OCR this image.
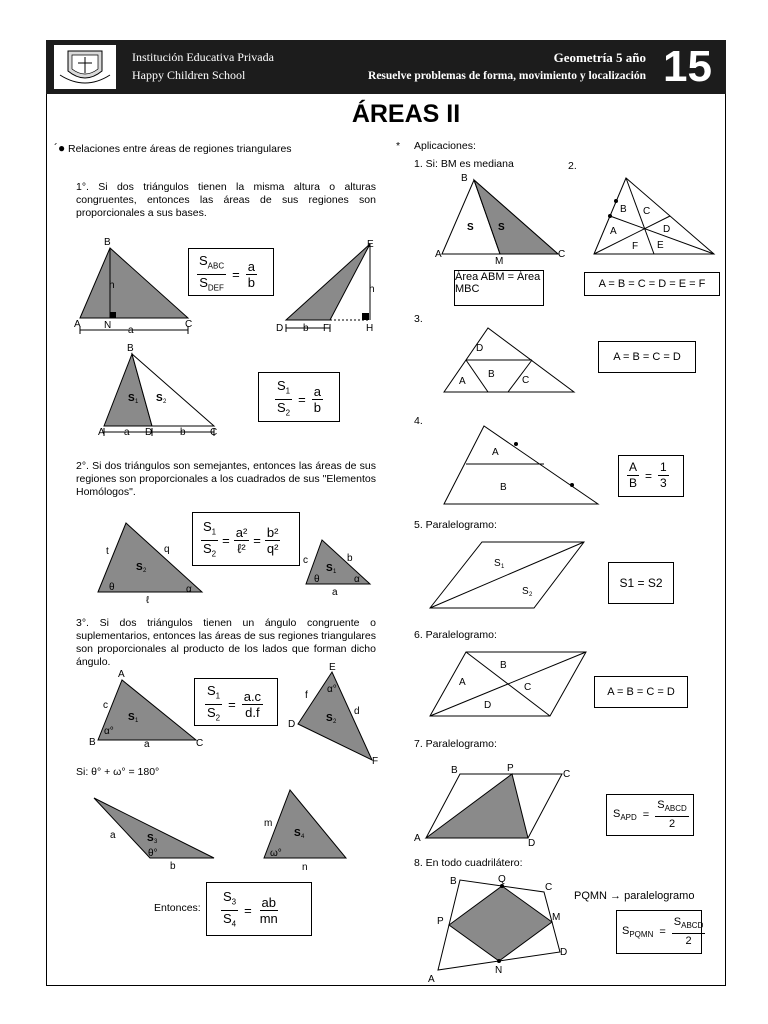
Institución Educativa Privada
Happy Children School
Geometría 5 año
Resuelve problemas de forma, movimiento y localización 15
ÁREAS II
´● Relaciones entre áreas de regiones triangulares
1°. Si dos triángulos tienen la misma altura o alturas congruentes, entonces las áreas de sus regiones son proporcionales a sus bases.
$S_{ABC}$
$S_{DEF}$
= $\frac{a}{b}$
B
A N	C
h
a
E
D b F	H
h
B
A a D	b C
S 1 S 2	$\frac{S_1}{S_2} = \frac{a}{b}$
2°. Si dos triángulos son semejantes, entonces las áreas de sus regiones son proporcionales a los cuadrados de sus "Elementos Homólogos".
$\frac{S_1}{S_2}$ =
a²
ℓ²
= $\frac{\text{b²}}{\text{q²}}$
t	q
ℓ
θ	α
S 2
c	b
a
θ	α
S 1
3°. Si dos triángulos tienen un ángulo congruente o suplementarios, entonces las áreas de sus regiones triangulares son proporcionales al producto de los lados que forman dicho ángulo.
$\frac{S_1}{S_2} = \frac{a.c}{d.f}$
A
B	C
c
a
α°
S 1
E
D
F
f
d
α°
S 2
Si: θ° + ω° = 180°
a
b
θ°
S 3
m
n
ω°
S 4
Entonces: $\frac{S_3}{S_4} = \frac{ab}{mn}$
* Aplicaciones:
1. Si: BM es mediana	2.
B
A	C
M
S S
B C
A	D
F E
Área ABM = Área MBC	A = B = C = D = E = F
3.
D
A
B
C
A = B = C = D
4.
A
B	$\frac{A}{B} = \frac{1}{3}$
5. Paralelogramo:
S 1
S 2
S1 = S2
6. Paralelogramo:
B
A	C
D
A = B = C = D
7. Paralelogramo:
B	P
C
A	D
$S_{APD}$ =
$S_{ABCD}$
2
8. En todo cuadrilátero:
B	Q
C
P	M
D
N
A
PQMN → paralelogramo
$S_{PQMN}$ =
$S_{ABCD}$
2
